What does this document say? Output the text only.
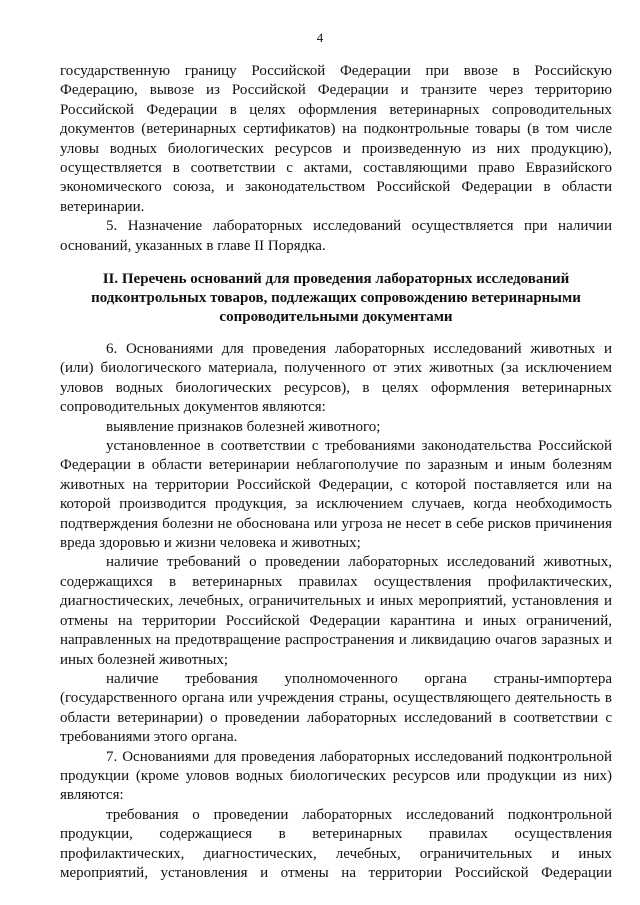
4

государственную границу Российской Федерации при ввозе в Российскую Федерацию, вывозе из Российской Федерации и транзите через территорию Российской Федерации в целях оформления ветеринарных сопроводительных документов (ветеринарных сертификатов) на подконтрольные товары (в том числе уловы водных биологических ресурсов и произведенную из них продукцию), осуществляется в соответствии с актами, составляющими право Евразийского экономического союза, и законодательством Российской Федерации в области ветеринарии.

5. Назначение лабораторных исследований осуществляется при наличии оснований, указанных в главе II Порядка.

II. Перечень оснований для проведения лабораторных исследований
подконтрольных товаров, подлежащих сопровождению ветеринарными
сопроводительными документами

6. Основаниями для проведения лабораторных исследований животных и (или) биологического материала, полученного от этих животных (за исключением уловов водных биологических ресурсов), в целях оформления ветеринарных сопроводительных документов являются:

выявление признаков болезней животного;

установленное в соответствии с требованиями законодательства Российской Федерации в области ветеринарии неблагополучие по заразным и иным болезням животных на территории Российской Федерации, с которой поставляется или на которой производится продукция, за исключением случаев, когда необходимость подтверждения болезни не обоснована или угроза не несет в себе рисков причинения вреда здоровью и жизни человека и животных;

наличие требований о проведении лабораторных исследований животных, содержащихся в ветеринарных правилах осуществления профилактических, диагностических, лечебных, ограничительных и иных мероприятий, установления и отмены на территории Российской Федерации карантина и иных ограничений, направленных на предотвращение распространения и ликвидацию очагов заразных и иных болезней животных;

наличие требования уполномоченного органа страны-импортера (государственного органа или учреждения страны, осуществляющего деятельность в области ветеринарии) о проведении лабораторных исследований в соответствии с требованиями этого органа.

7. Основаниями для проведения лабораторных исследований подконтрольной продукции (кроме уловов водных биологических ресурсов или продукции из них) являются:

требования о проведении лабораторных исследований подконтрольной продукции, содержащиеся в ветеринарных правилах осуществления профилактических, диагностических, лечебных, ограничительных и иных мероприятий, установления и отмены на территории Российской Федерации
